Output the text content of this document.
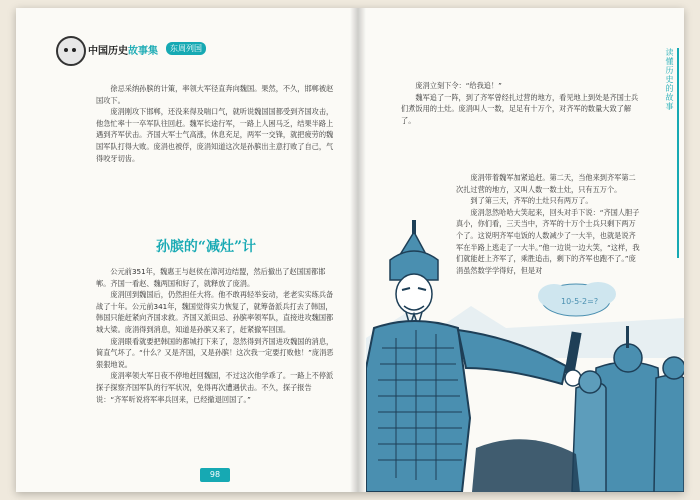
中国历史故事集	东周列国

徐忌采纳孙膑的计策，率领大军径直奔向魏国。果然，不久，邯郸被赵国攻下。

庞涓刚攻下邯郸，还没来得及喘口气，就听说魏国国都受到齐国攻击，他急忙率十一卒军队往回赶。魏军长途行军，一路上人困马乏，结果半路上遇到齐军伏击。齐国大军士气高涨，休息充足，两军一交锋，就把疲劳的魏国军队打得大败。庞涓也被俘，庞涓知道这次是孙膑出主意打败了自己，气得咬牙切齿。

孙膑的“减灶”计

公元前351年，魏惠王与赵侯在漳河边结盟，然后撤出了赵国国都邯郸。齐国一看赵、魏两国和好了，就释放了庞涓。

庞涓回到魏国后，仍然担任大将。他不敢再轻举妄动，老老实实练兵备战了十年。公元前341年，魏国觉得实力恢复了，就筹备派兵打去了韩国，韩国只能赶紧向齐国求救。齐国又派田忌、孙膑率领军队，直接进攻魏国都城大梁。庞涓得到消息，知道是孙膑又来了，赶紧撤军回国。

庞涓眼看就要把韩国的都城打下来了，忽然得到齐国进攻魏国的消息，简直气坏了。“什么？又是齐国，又是孙膑！这次我一定要打败他！”庞涓恶狠狠地说。

庞涓率领大军日夜不停地赶回魏国，不过这次他学乖了。一路上不停派探子探察齐国军队的行军状况，免得再次遭遇伏击。不久，探子报告说：“齐军听说将军率兵回来，已经撤退回国了。”

98
读懂历史的故事

庞涓立刻下令：“给我追！”

魏军追了一阵，到了齐军曾经扎过营的地方，看见地上到处是齐国士兵们煮饭用的土灶。庞涓叫人一数，足足有十万个，对齐军的数量大致了解了。

庞涓带着魏军加紧追赶。第二天，当他来到齐军第二次扎过营的地方，又叫人数一数土灶，只有五万个。

到了第三天，齐军的土灶只有两万了。

庞涓忽然哈哈大笑起来，回头对手下说：“齐国人胆子真小，你们看，三天当中，齐军的十万个士兵只剩下两万个了。这说明齐军屯饭的人数减少了一大半，也就是说齐军在半路上逃走了一大半。”他一边说一边大笑，“这样，我们就能赶上齐军了，乘胜追击，剩下的齐军也跑不了。”庞涓虽然数学学得好，但是对

10-5-2=?
